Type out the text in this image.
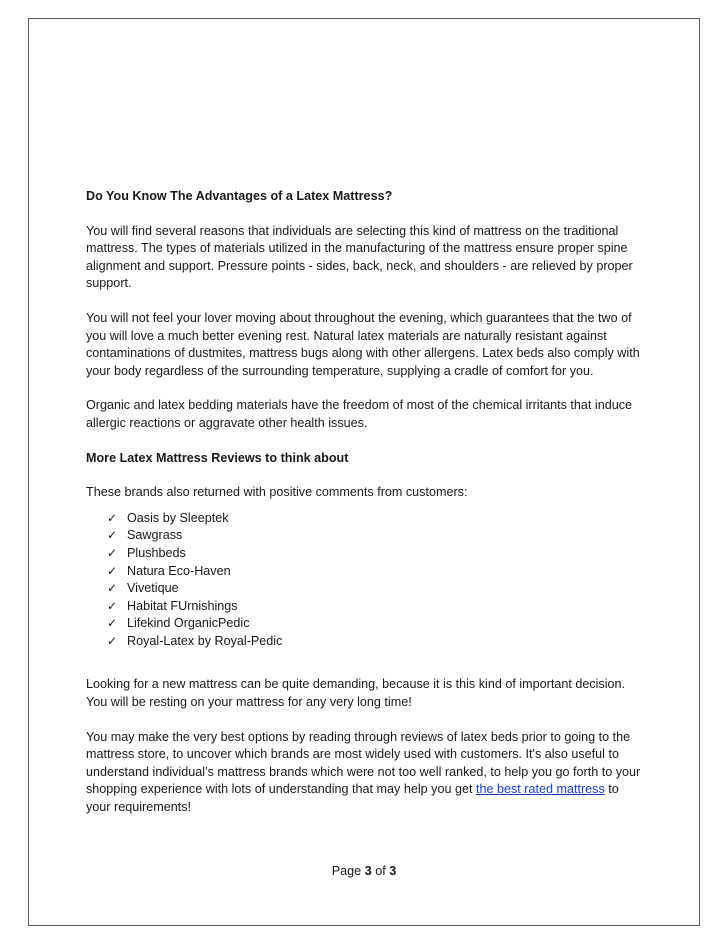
Do You Know The Advantages of a Latex Mattress?

You will find several reasons that individuals are selecting this kind of mattress on the traditional mattress. The types of materials utilized in the manufacturing of the mattress ensure proper spine alignment and support. Pressure points - sides, back, neck, and shoulders - are relieved by proper support.

You will not feel your lover moving about throughout the evening, which guarantees that the two of you will love a much better evening rest. Natural latex materials are naturally resistant against contaminations of dustmites, mattress bugs along with other allergens. Latex beds also comply with your body regardless of the surrounding temperature, supplying a cradle of comfort for you.

Organic and latex bedding materials have the freedom of most of the chemical irritants that induce allergic reactions or aggravate other health issues.

More Latex Mattress Reviews to think about

These brands also returned with positive comments from customers:

✓ Oasis by Sleeptek
✓ Sawgrass
✓ Plushbeds
✓ Natura Eco-Haven
✓ Vivetique
✓ Habitat FUrnishings
✓ Lifekind OrganicPedic
✓ Royal-Latex by Royal-Pedic

Looking for a new mattress can be quite demanding, because it is this kind of important decision. You will be resting on your mattress for any very long time!

You may make the very best options by reading through reviews of latex beds prior to going to the mattress store, to uncover which brands are most widely used with customers. It's also useful to understand individual’s mattress brands which were not too well ranked, to help you go forth to your shopping experience with lots of understanding that may help you get the best rated mattress to your requirements!

Page 3 of 3
